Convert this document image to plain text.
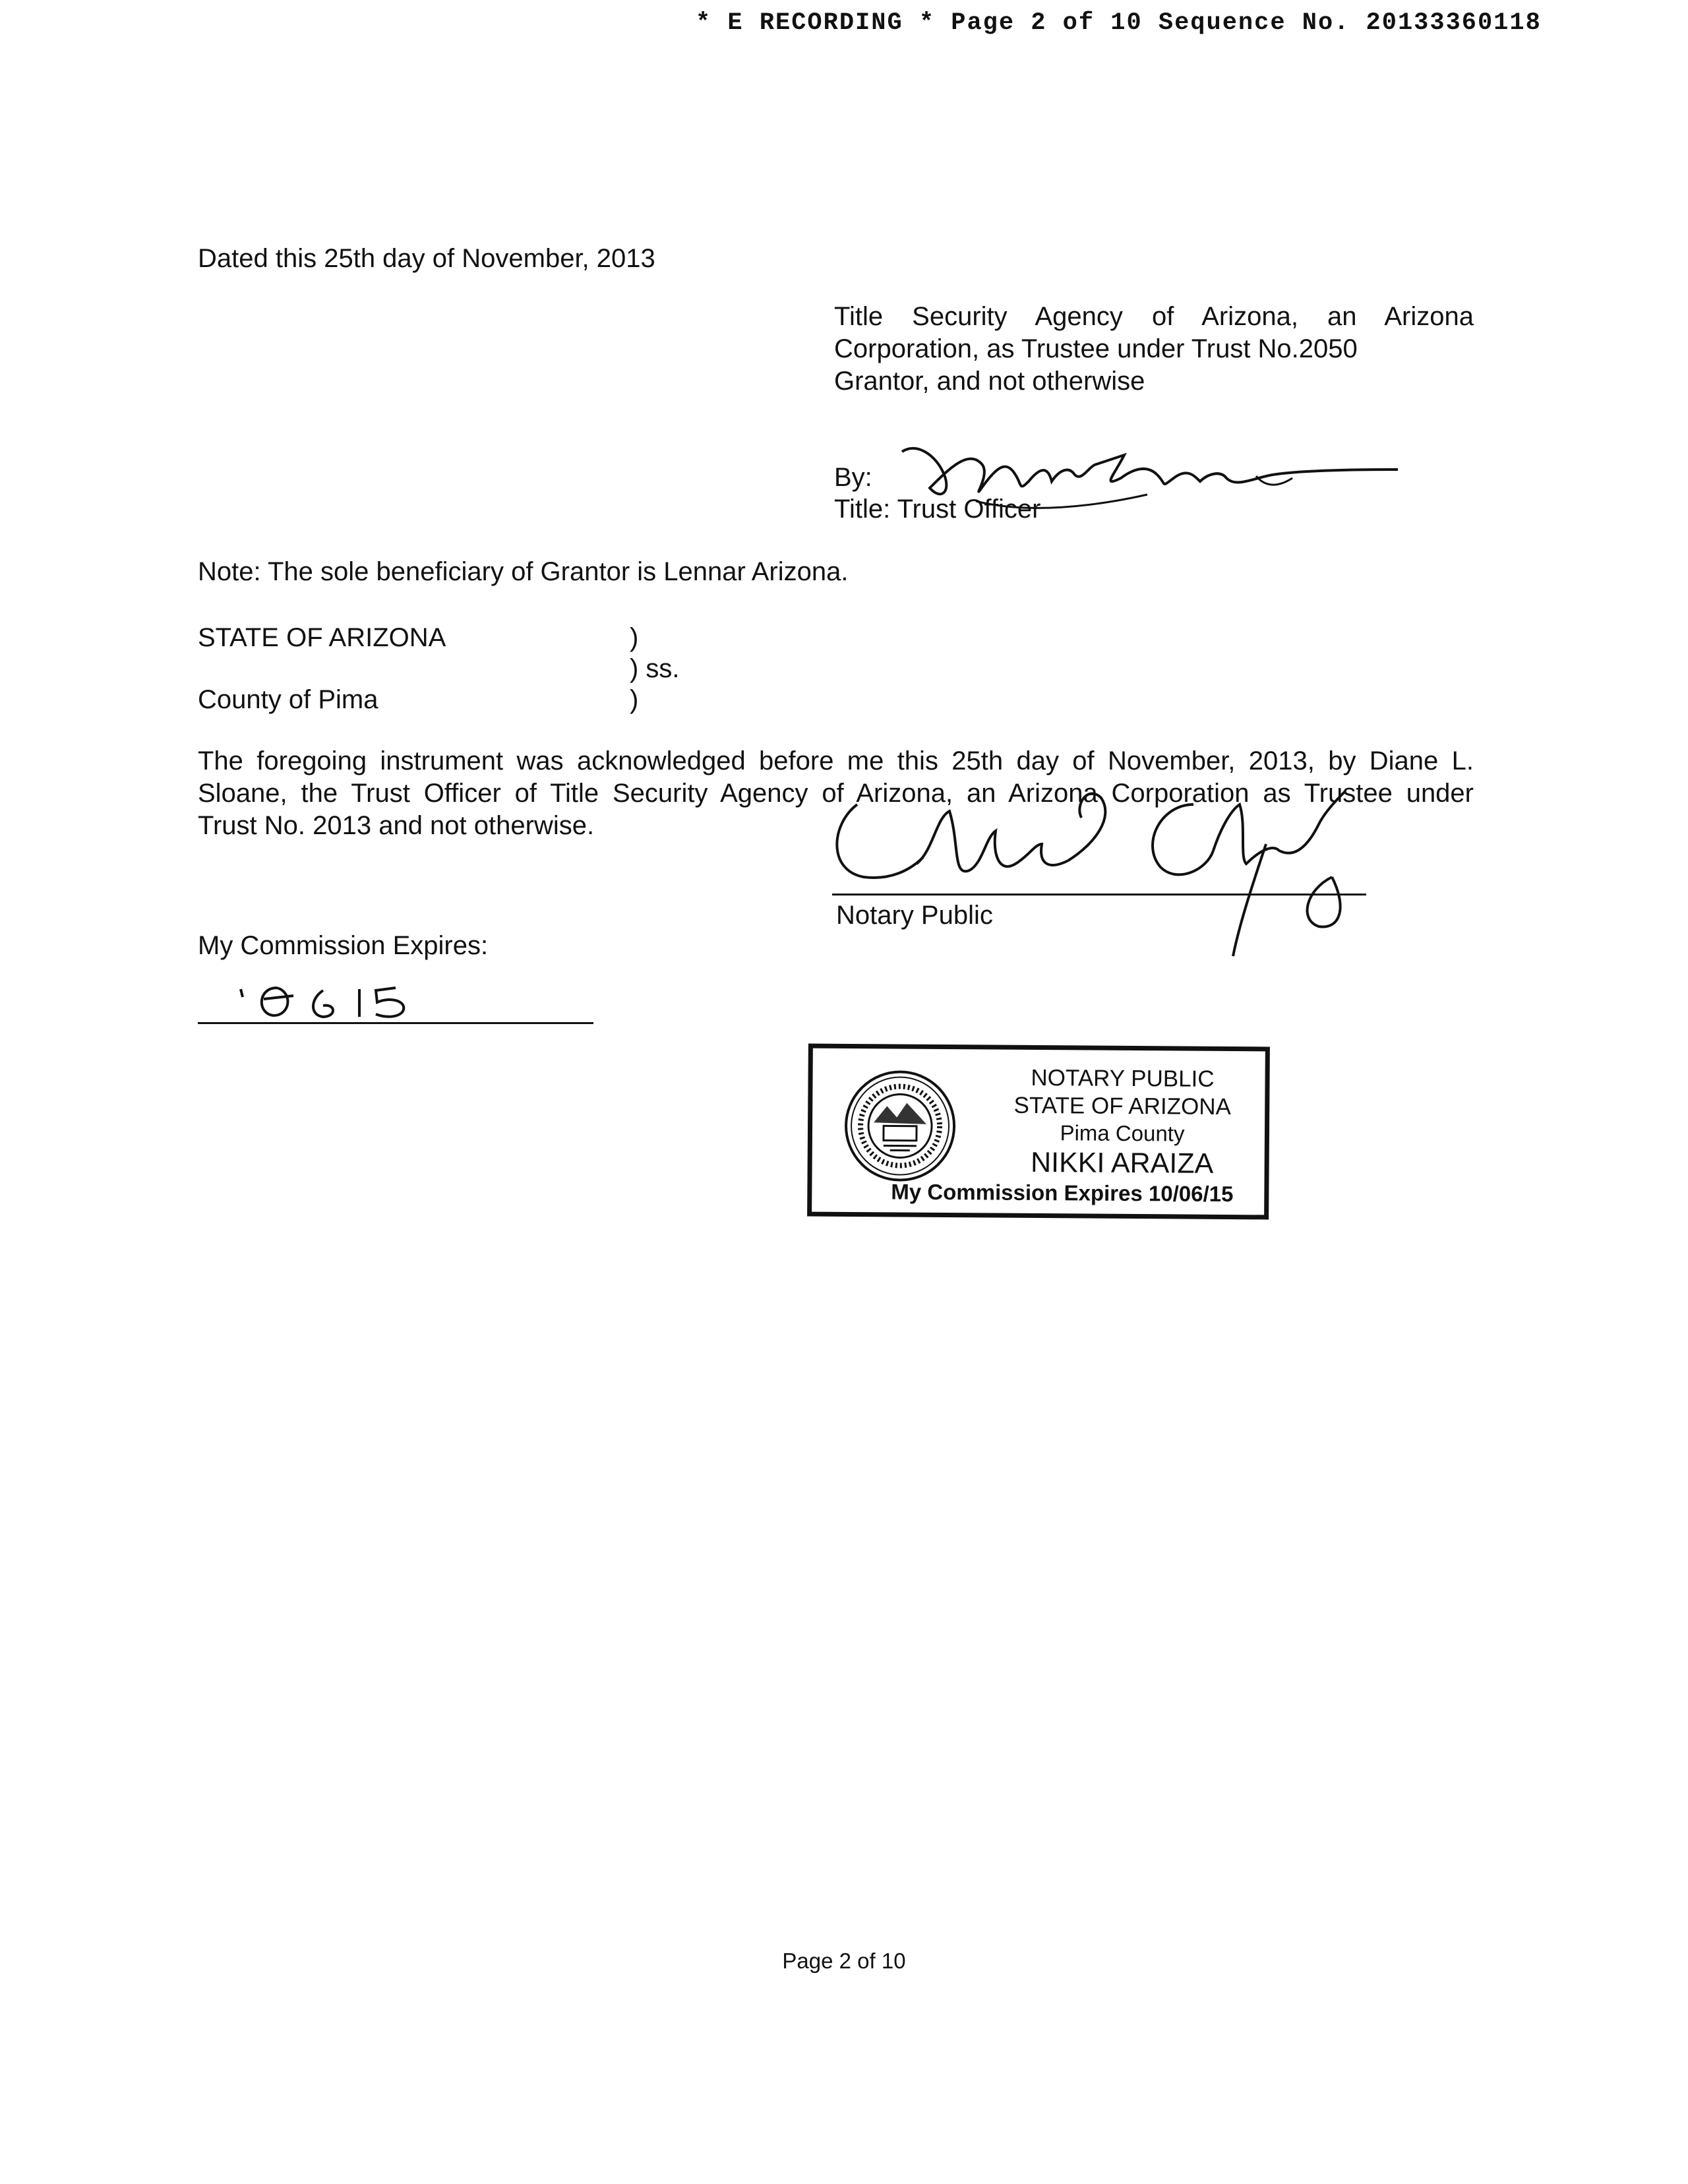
* E RECORDING * Page 2 of 10 Sequence No. 20133360118
Dated this 25th day of November, 2013
Title Security Agency of Arizona, an Arizona
Corporation, as Trustee under Trust No.2050
Grantor, and not otherwise
By:
Title: Trust Officer
Note: The sole beneficiary of Grantor is Lennar Arizona.
STATE OF ARIZONA
County of Pima
)
) ss.
)
The foregoing instrument was acknowledged before me this 25th day of November, 2013, by Diane L.
Sloane, the Trust Officer of Title Security Agency of Arizona, an Arizona Corporation as Trustee under
Trust No. 2013 and not otherwise.
Notary Public
My Commission Expires:
NOTARY PUBLIC
STATE OF ARIZONA
Pima County
NIKKI ARAIZA
My Commission Expires 10/06/15
Page 2 of 10
